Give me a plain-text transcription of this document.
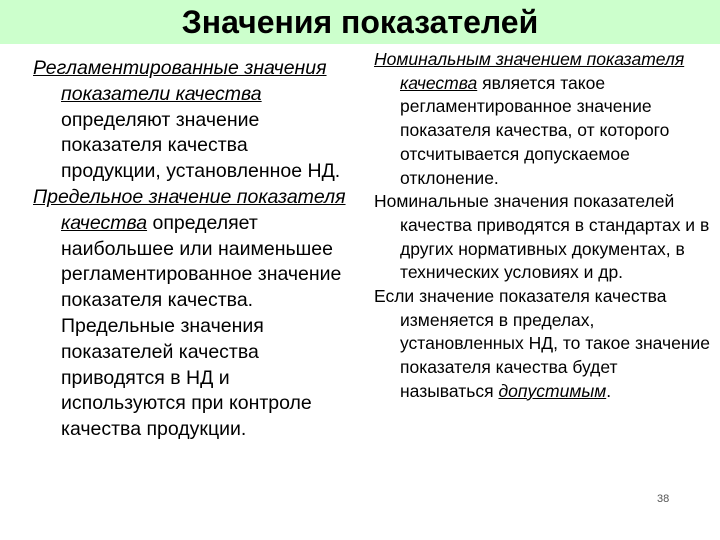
Значения показателей

Регламентированные значения показатели качества определяют значение показателя качества продукции, установленное НД.

Предельное значение показателя качества определяет наибольшее или наименьшее регламентированное значение показателя качества. Предельные значения показателей качества приводятся в НД и используются при контроле качества продукции.

Номинальным значением показателя качества является такое регламентированное значение показателя качества, от которого отсчитывается допускаемое отклонение.

Номинальные значения показателей качества приводятся в стандартах и в других нормативных документах, в технических условиях и др.

Если значение показателя качества изменяется в пределах, установленных НД, то такое значение показателя качества будет называться допустимым.

38
